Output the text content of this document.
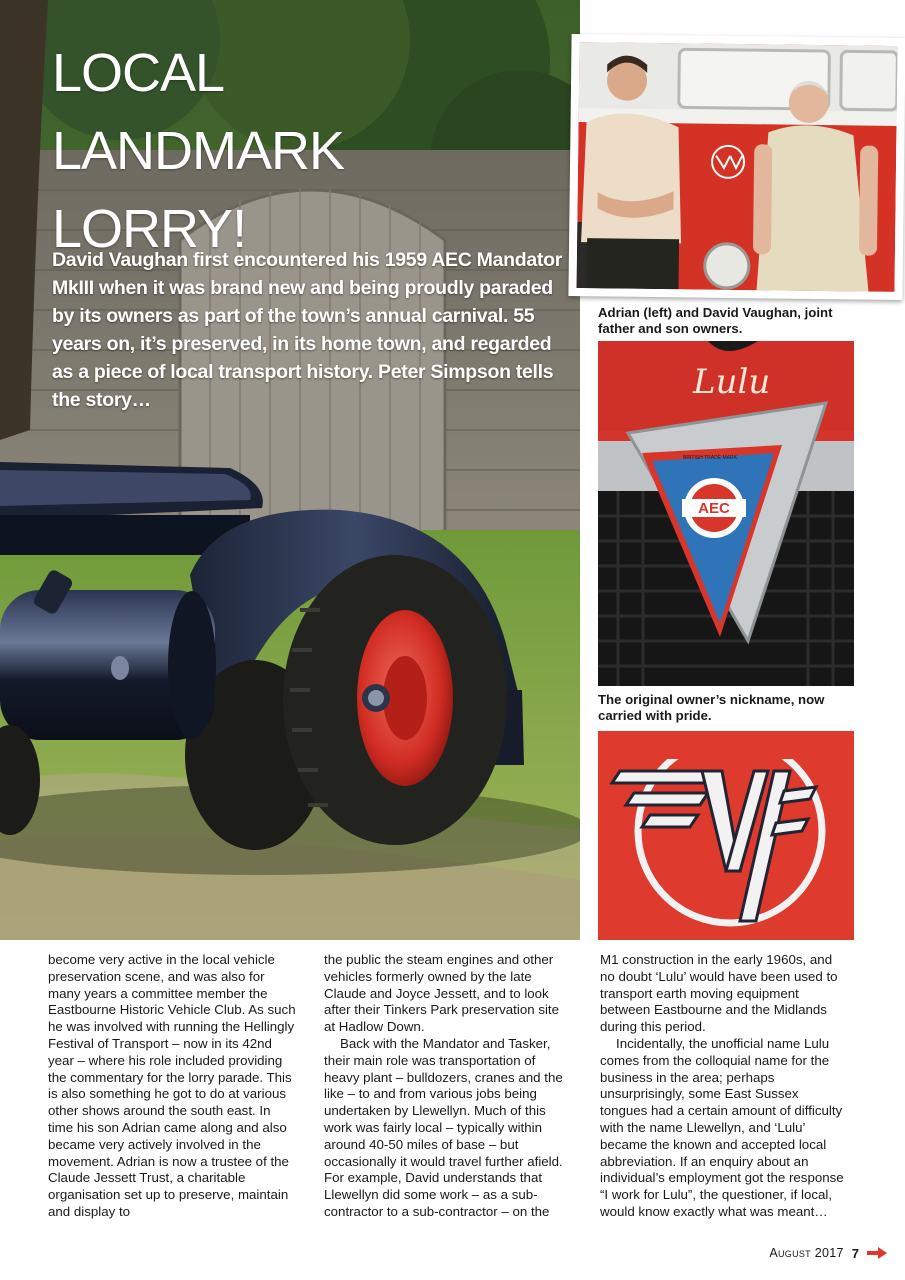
LOCAL
LANDMARK
LORRY!

David Vaughan first encountered his 1959 AEC Mandator MkIII when it was brand new and being proudly paraded by its owners as part of the town’s annual carnival. 55 years on, it’s preserved, in its home town, and regarded as a piece of local transport history. Peter Simpson tells the story…

Adrian (left) and David Vaughan, joint father and son owners.

Lulu
AEC
BRITISH TRADE MARK

The original owner’s nickname, now carried with pride.

become very active in the local vehicle preservation scene, and was also for many years a committee member the Eastbourne Historic Vehicle Club. As such he was involved with running the Hellingly Festival of Transport – now in its 42nd year – where his role included providing the commentary for the lorry parade. This is also something he got to do at various other shows around the south east. In time his son Adrian came along and also became very actively involved in the movement. Adrian is now a trustee of the Claude Jessett Trust, a charitable organisation set up to preserve, maintain and display to

the public the steam engines and other vehicles formerly owned by the late Claude and Joyce Jessett, and to look after their Tinkers Park preservation site at Hadlow Down.

Back with the Mandator and Tasker, their main role was transportation of heavy plant – bulldozers, cranes and the like – to and from various jobs being undertaken by Llewellyn. Much of this work was fairly local – typically within around 40-50 miles of base – but occasionally it would travel further afield. For example, David understands that Llewellyn did some work – as a sub-contractor to a sub-contractor – on the

M1 construction in the early 1960s, and no doubt ‘Lulu’ would have been used to transport earth moving equipment between Eastbourne and the Midlands during this period.

Incidentally, the unofficial name Lulu comes from the colloquial name for the business in the area; perhaps unsurprisingly, some East Sussex tongues had a certain amount of difficulty with the name Llewellyn, and ‘Lulu’ became the known and accepted local abbreviation. If an enquiry about an individual’s employment got the response “I work for Lulu”, the questioner, if local, would know exactly what was meant…

August 2017 7
